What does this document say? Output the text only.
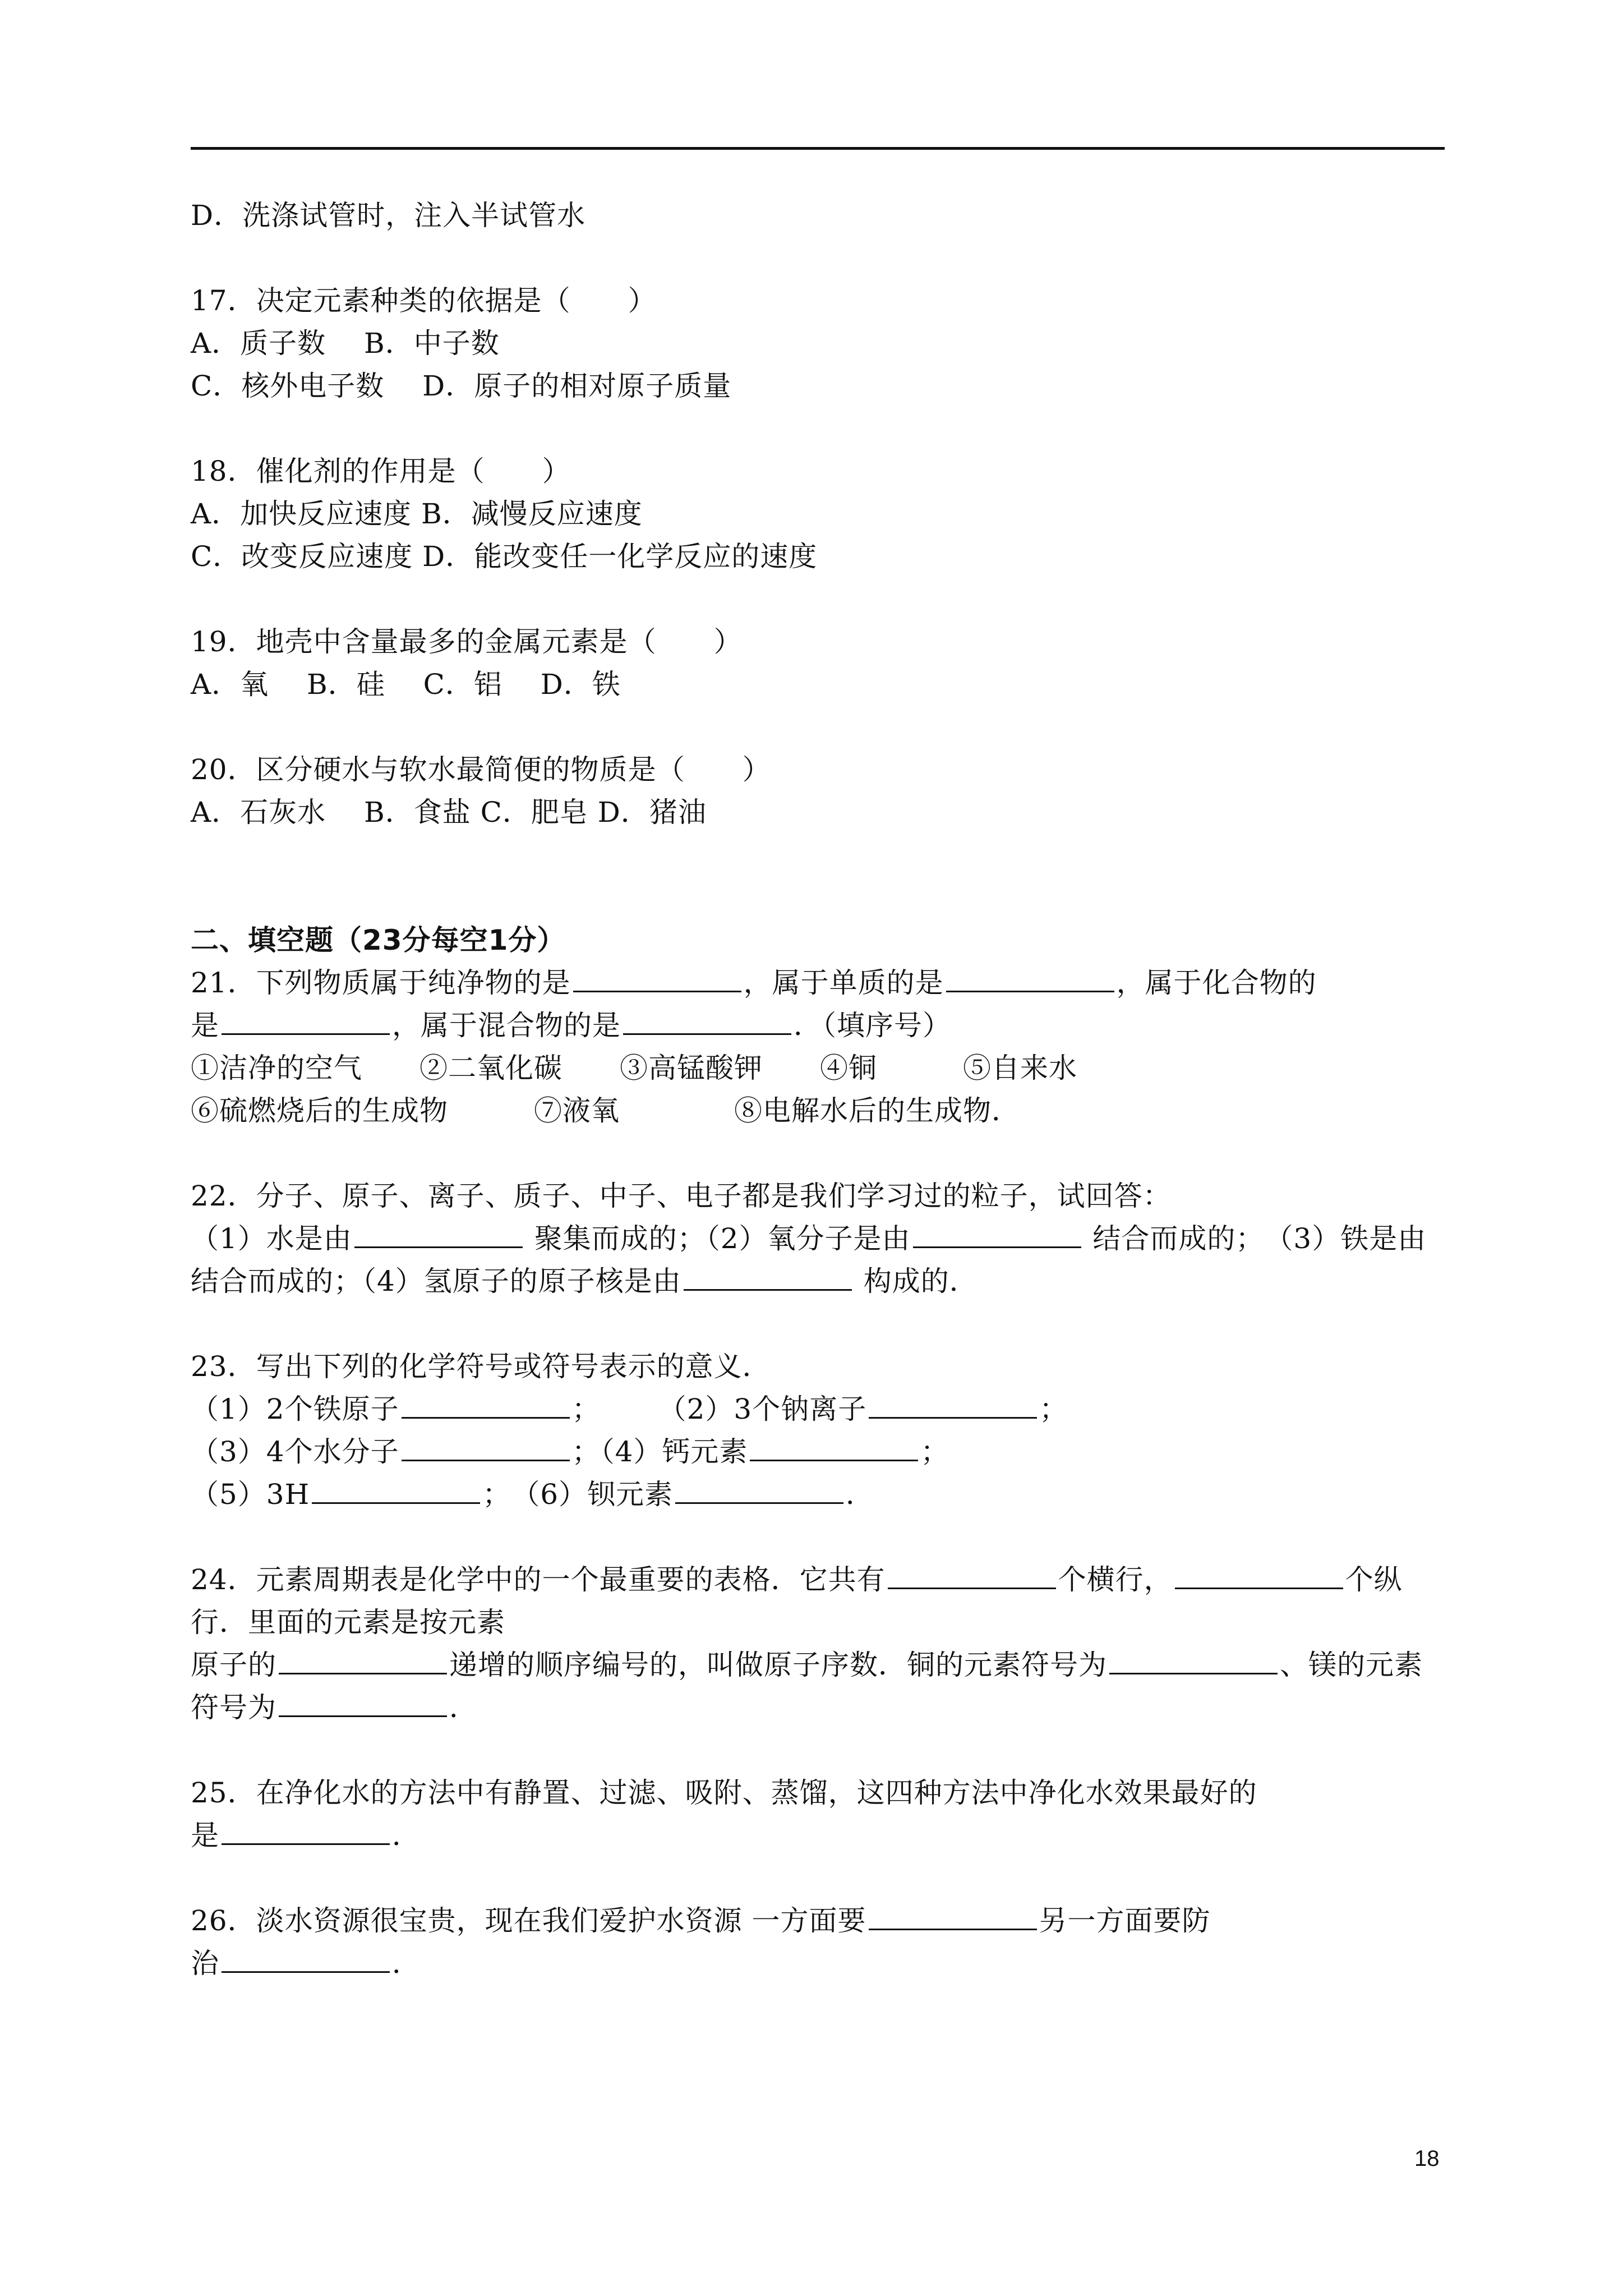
D．洗涤试管时，注入半试管水
17．决定元素种类的依据是（　　）
A．质子数　 B．中子数
C．核外电子数　 D．原子的相对原子质量
18．催化剂的作用是（　　）
A．加快反应速度 B．减慢反应速度
C．改变反应速度 D．能改变任一化学反应的速度
19．地壳中含量最多的金属元素是（　　）
A．氧　 B．硅　 C．铝　 D．铁
20．区分硬水与软水最简便的物质是（　　）
A．石灰水　 B．食盐 C．肥皂 D．猪油
二、填空题（23分每空1分）
21．下列物质属于纯净物的是	，属于单质的是	，属于化合物的
是	，属于混合物的是	．（填序号）
①洁净的空气　　②二氧化碳　　③高锰酸钾　　④铜　　　⑤自来水
⑥硫燃烧后的生成物　　　⑦液氧　　　　⑧电解水后的生成物．
22．分子、原子、离子、质子、中子、电子都是我们学习过的粒子，试回答：
（1）水是由	聚集而成的；（2）氧分子是由	结合而成的；　（3）铁是由
结合而成的；（4）氢原子的原子核是由	构成的．
23．写出下列的化学符号或符号表示的意义．
（1）2个铁原子	；　　　（2）3个钠离子	；
（3）4个水分子	；（4）钙元素	；
（5）3H	；　（6）钡元素	．
24．元素周期表是化学中的一个最重要的表格．它共有	个横行，	个纵
行．里面的元素是按元素
原子的	递增的顺序编号的，叫做原子序数．铜的元素符号为	、镁的元素
符号为	．
25．在净化水的方法中有静置、过滤、吸附、蒸馏，这四种方法中净化水效果最好的
是	．
26．淡水资源很宝贵，现在我们爱护水资源 一方面要	另一方面要防
治	．
18
